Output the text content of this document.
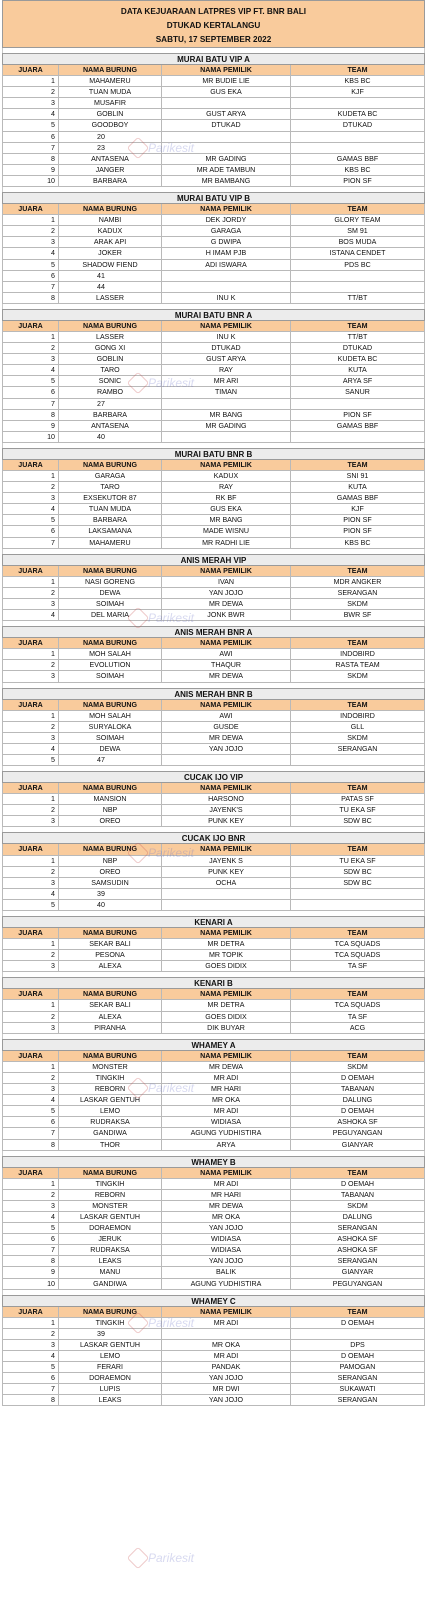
DATA KEJUARAAN LATPRES VIP FT. BNR BALI
DTUKAD KERTALANGU
SABTU, 17 SEPTEMBER 2022
MURAI BATU VIP A
JUARA	NAMA BURUNG	NAMA PEMILIK	TEAM
1	MAHAMERU	MR BUDIE LIE	KBS BC
2	TUAN MUDA	GUS EKA	KJF
3	MUSAFIR
4	GOBLIN	GUST ARYA	KUDETA BC
5	GOODBOY	DTUKAD	DTUKAD
6	20
7	23
8	ANTASENA	MR GADING	GAMAS BBF
9	JANGER	MR ADE TAMBUN	KBS BC
10	BARBARA	MR BAMBANG	PION SF
MURAI BATU VIP B
JUARA	NAMA BURUNG	NAMA PEMILIK	TEAM
1	NAMBI	DEK JORDY	GLORY TEAM
2	KADUX	GARAGA	SM 91
3	ARAK API	G DWIPA	BOS MUDA
4	JOKER	H IMAM PJB	ISTANA CENDET
5	SHADOW FIEND	ADI ISWARA	PDS BC
6	41
7	44
8	LASSER	INU K	TT/BT
MURAI BATU BNR A
JUARA	NAMA BURUNG	NAMA PEMILIK	TEAM
1	LASSER	INU K	TT/BT
2	GONG XI	DTUKAD	DTUKAD
3	GOBLIN	GUST ARYA	KUDETA BC
4	TARO	RAY	KUTA
5	SONIC	MR ARI	ARYA SF
6	RAMBO	TIMAN	SANUR
7	27
8	BARBARA	MR BANG	PION SF
9	ANTASENA	MR GADING	GAMAS BBF
10	40
MURAI BATU BNR B
JUARA	NAMA BURUNG	NAMA PEMILIK	TEAM
1	GARAGA	KADUX	SNI 91
2	TARO	RAY	KUTA
3	EXSEKUTOR 87	RK BF	GAMAS BBF
4	TUAN MUDA	GUS EKA	KJF
5	BARBARA	MR BANG	PION SF
6	LAKSAMANA	MADE WISNU	PION SF
7	MAHAMERU	MR RADHI LIE	KBS BC
ANIS MERAH VIP
JUARA	NAMA BURUNG	NAMA PEMILIK	TEAM
1	NASI GORENG	IVAN	MDR ANGKER
2	DEWA	YAN JOJO	SERANGAN
3	SOIMAH	MR DEWA	SKDM
4	DEL MARIA	JONK BWR	BWR SF
ANIS MERAH BNR A
JUARA	NAMA BURUNG	NAMA PEMILIK	TEAM
1	MOH SALAH	AWI	INDOBIRD
2	EVOLUTION	THAQUR	RASTA TEAM
3	SOIMAH	MR DEWA	SKDM
ANIS MERAH BNR B
JUARA	NAMA BURUNG	NAMA PEMILIK	TEAM
1	MOH SALAH	AWI	INDOBIRD
2	SURYALOKA	GUSDE	GLL
3	SOIMAH	MR DEWA	SKDM
4	DEWA	YAN JOJO	SERANGAN
5	47
CUCAK IJO VIP
JUARA	NAMA BURUNG	NAMA PEMILIK	TEAM
1	MANSION	HARSONO	PATAS SF
2	NBP	JAYENK'S	TU EKA SF
3	OREO	PUNK KEY	SDW BC
CUCAK IJO BNR
JUARA	NAMA BURUNG	NAMA PEMILIK	TEAM
1	NBP	JAYENK S	TU EKA SF
2	OREO	PUNK KEY	SDW BC
3	SAMSUDIN	OCHA	SDW BC
4	39
5	40
KENARI A
JUARA	NAMA BURUNG	NAMA PEMILIK	TEAM
1	SEKAR BALI	MR DETRA	TCA SQUADS
2	PESONA	MR TOPIK	TCA SQUADS
3	ALEXA	GOES DIDIX	TA SF
KENARI B
JUARA	NAMA BURUNG	NAMA PEMILIK	TEAM
1	SEKAR BALI	MR DETRA	TCA SQUADS
2	ALEXA	GOES DIDIX	TA SF
3	PIRANHA	DIK BUYAR	ACG
WHAMEY A
JUARA	NAMA BURUNG	NAMA PEMILIK	TEAM
1	MONSTER	MR DEWA	SKDM
2	TINGKIH	MR ADI	D OEMAH
3	REBORN	MR HARI	TABANAN
4	LASKAR GENTUH	MR OKA	DALUNG
5	LEMO	MR ADI	D OEMAH
6	RUDRAKSA	WIDIASA	ASHOKA SF
7	GANDIWA	AGUNG YUDHISTIRA	PEGUYANGAN
8	THOR	ARYA	GIANYAR
WHAMEY B
JUARA	NAMA BURUNG	NAMA PEMILIK	TEAM
1	TINGKIH	MR ADI	D OEMAH
2	REBORN	MR HARI	TABANAN
3	MONSTER	MR DEWA	SKDM
4	LASKAR GENTUH	MR OKA	DALUNG
5	DORAEMON	YAN JOJO	SERANGAN
6	JERUK	WIDIASA	ASHOKA SF
7	RUDRAKSA	WIDIASA	ASHOKA SF
8	LEAKS	YAN JOJO	SERANGAN
9	MANU	BALIK	GIANYAR
10	GANDIWA	AGUNG YUDHISTIRA	PEGUYANGAN
WHAMEY C
JUARA	NAMA BURUNG	NAMA PEMILIK	TEAM
1	TINGKIH	MR ADI	D OEMAH
2	39
3	LASKAR GENTUH	MR OKA	DPS
4	LEMO	MR ADI	D OEMAH
5	FERARI	PANDAK	PAMOGAN
6	DORAEMON	YAN JOJO	SERANGAN
7	LUPIS	MR DWI	SUKAWATI
8	LEAKS	YAN JOJO	SERANGAN
Parikesit
Parikesit
Parikesit
Parikesit
Parikesit
Parikesit
Parikesit
